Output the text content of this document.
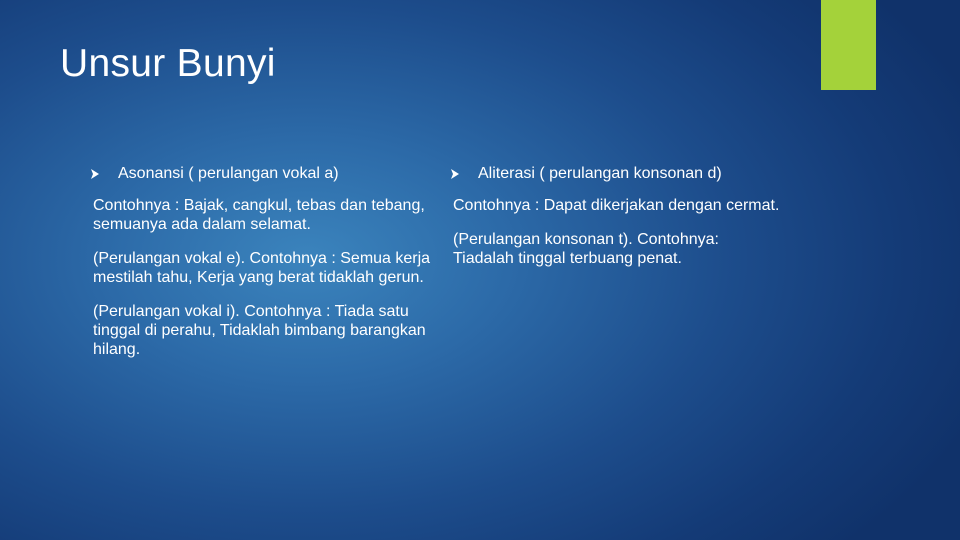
Unsur Bunyi
Asonansi ( perulangan vokal a)

Contohnya : Bajak, cangkul, tebas dan tebang, semuanya ada dalam selamat.

(Perulangan vokal e). Contohnya : Semua kerja mestilah tahu, Kerja yang berat tidaklah gerun.

(Perulangan vokal i). Contohnya : Tiada satu tinggal di perahu, Tidaklah bimbang barangkan hilang.

Aliterasi ( perulangan konsonan d)

Contohnya : Dapat dikerjakan dengan cermat.

(Perulangan konsonan t). Contohnya: Tiadalah tinggal terbuang penat.
